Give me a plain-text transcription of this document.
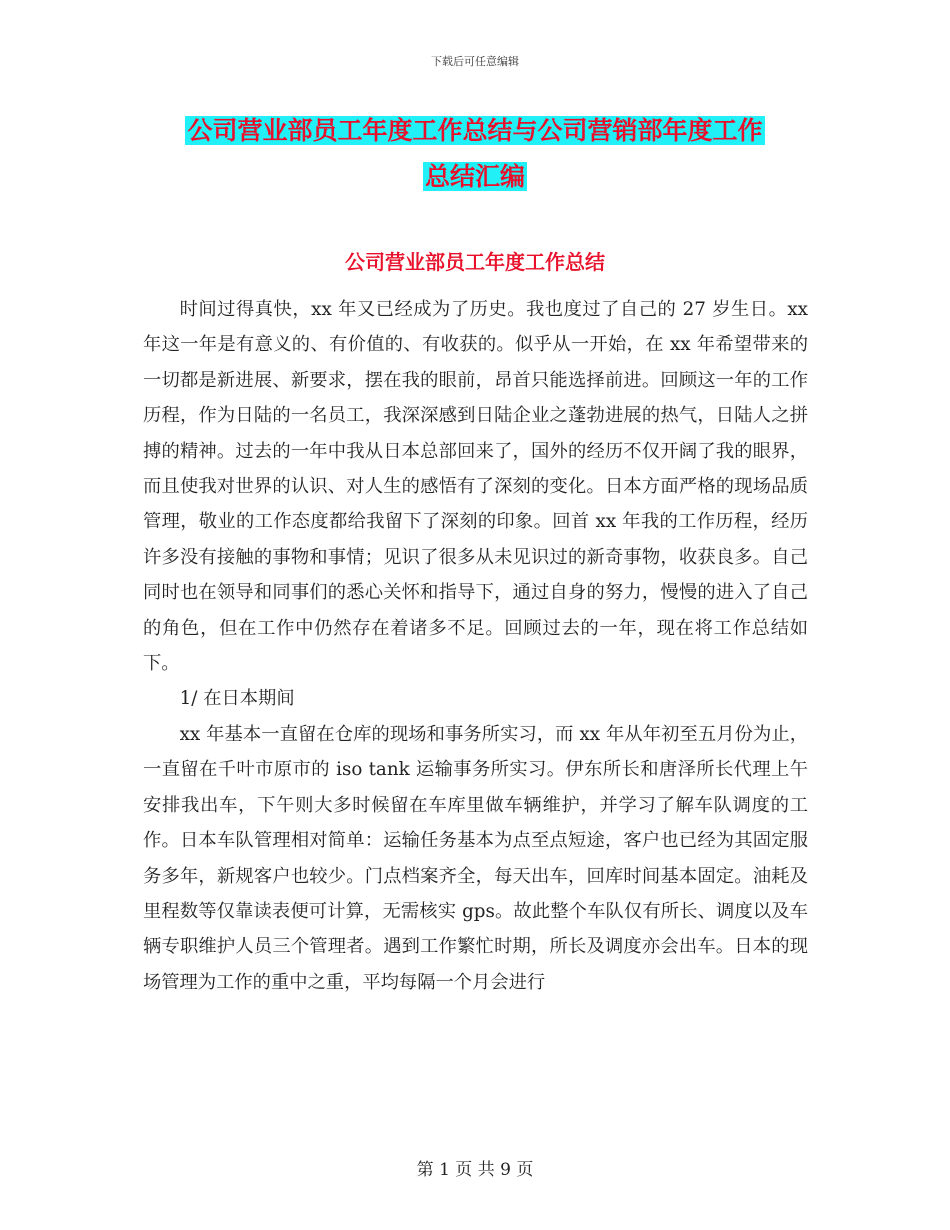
下载后可任意编辑
公司营业部员工年度工作总结与公司营销部年度工作
总结汇编
公司营业部员工年度工作总结

时间过得真快，xx 年又已经成为了历史。我也度过了自己的 27 岁生日。xx 年这一年是有意义的、有价值的、有收获的。似乎从一开始，在 xx 年希望带来的一切都是新进展、新要求，摆在我的眼前，昂首只能选择前进。回顾这一年的工作历程，作为日陆的一名员工，我深深感到日陆企业之蓬勃进展的热气，日陆人之拼搏的精神。过去的一年中我从日本总部回来了，国外的经历不仅开阔了我的眼界，而且使我对世界的认识、对人生的感悟有了深刻的变化。日本方面严格的现场品质管理，敬业的工作态度都给我留下了深刻的印象。回首 xx 年我的工作历程，经历许多没有接触的事物和事情；见识了很多从未见识过的新奇事物，收获良多。自己同时也在领导和同事们的悉心关怀和指导下，通过自身的努力，慢慢的进入了自己的角色，但在工作中仍然存在着诸多不足。回顾过去的一年，现在将工作总结如下。

1/ 在日本期间

xx 年基本一直留在仓库的现场和事务所实习，而 xx 年从年初至五月份为止，一直留在千叶市原市的 iso tank 运输事务所实习。伊东所长和唐泽所长代理上午安排我出车，下午则大多时候留在车库里做车辆维护，并学习了解车队调度的工作。日本车队管理相对简单：运输任务基本为点至点短途，客户也已经为其固定服务多年，新规客户也较少。门点档案齐全，每天出车，回库时间基本固定。油耗及里程数等仅靠读表便可计算，无需核实 gps。故此整个车队仅有所长、调度以及车辆专职维护人员三个管理者。遇到工作繁忙时期，所长及调度亦会出车。日本的现场管理为工作的重中之重，平均每隔一个月会进行

第 1 页 共 9 页
